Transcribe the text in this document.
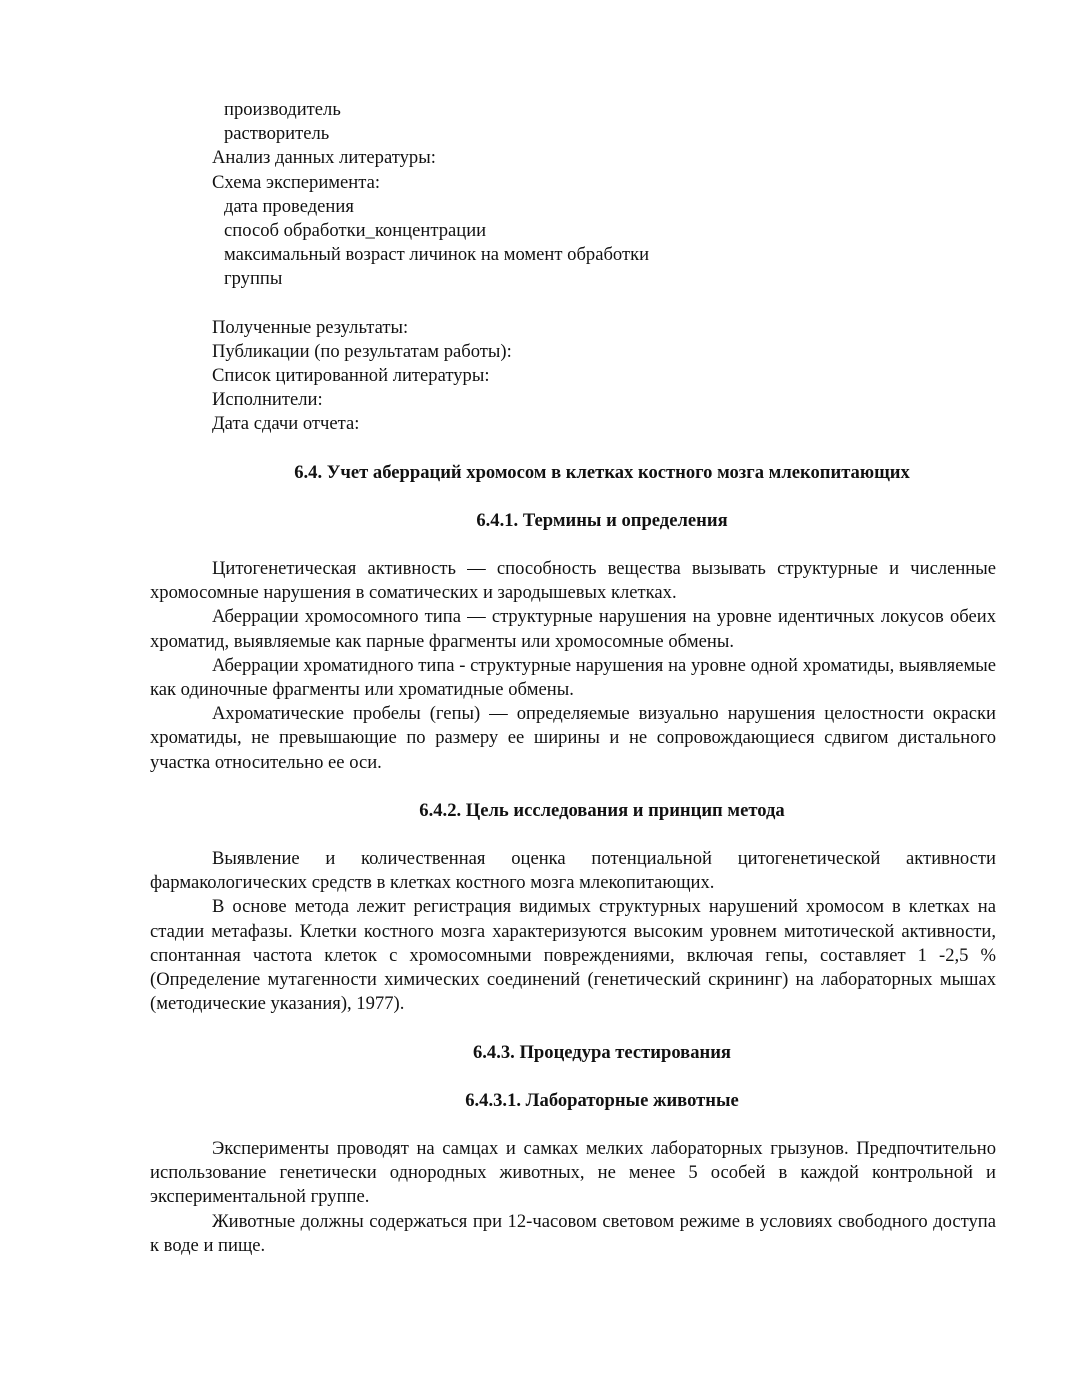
производитель
растворитель
Анализ данных литературы:
Схема эксперимента:
дата проведения
способ обработки_концентрации
максимальный возраст личинок на момент обработки
группы
Полученные результаты:
Публикации (по результатам работы):
Список цитированной литературы:
Исполнители:
Дата сдачи отчета:
6.4. Учет аберраций хромосом в клетках костного мозга млекопитающих
6.4.1. Термины и определения

Цитогенетическая активность — способность вещества вызывать структурные и численные хромосомные нарушения в соматических и зародышевых клетках.

Аберрации хромосомного типа — структурные нарушения на уровне идентичных локусов обеих хроматид, выявляемые как парные фрагменты или хромосомные обмены.

Аберрации хроматидного типа - структурные нарушения на уровне одной хроматиды, выявляемые как одиночные фрагменты или хроматидные обмены.

Ахроматические пробелы (гепы) — определяемые визуально нарушения целостности окраски хроматиды, не превышающие по размеру ее ширины и не сопровождающиеся сдвигом дистального участка относительно ее оси.

6.4.2. Цель исследования и принцип метода

Выявление и количественная оценка потенциальной цитогенетической активности фармакологических средств в клетках костного мозга млекопитающих.

В основе метода лежит регистрация видимых структурных нарушений хромосом в клетках на стадии метафазы. Клетки костного мозга характеризуются высоким уровнем митотической активности, спонтанная частота клеток с хромосомными повреждениями, включая гепы, составляет 1 -2,5 % (Определение мутагенности химических соединений (генетический скрининг) на лабораторных мышах (методические указания), 1977).

6.4.3. Процедура тестирования
6.4.3.1. Лабораторные животные

Эксперименты проводят на самцах и самках мелких лабораторных грызунов. Предпочтительно использование генетически однородных животных, не менее 5 особей в каждой контрольной и экспериментальной группе.

Животные должны содержаться при 12-часовом световом режиме в условиях свободного доступа к воде и пище.
